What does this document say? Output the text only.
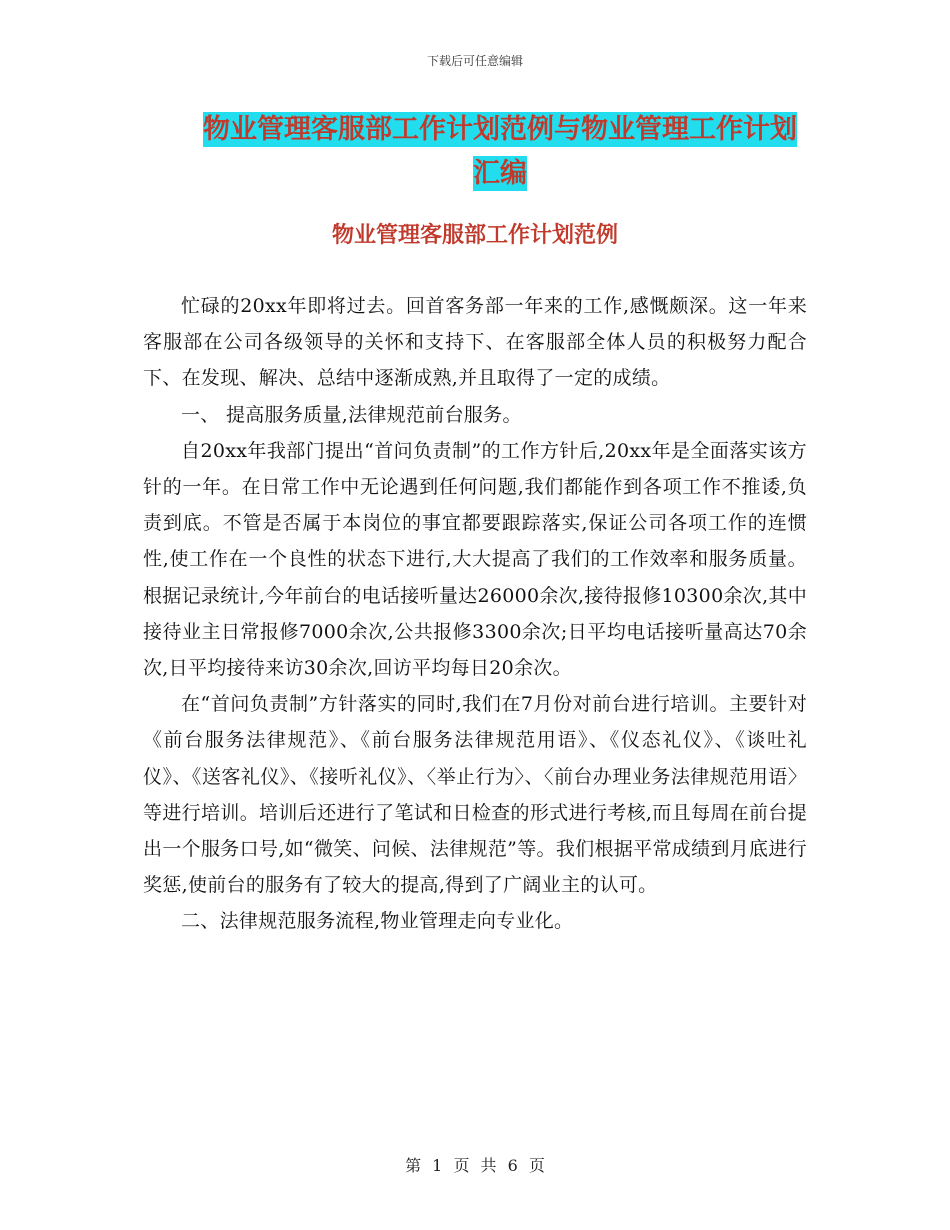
下载后可任意编辑
物业管理客服部工作计划范例与物业管理工作计划汇编
物业管理客服部工作计划范例

忙碌的20xx年即将过去。回首客务部一年来的工作,感慨颇深。这一年来客服部在公司各级领导的关怀和支持下、在客服部全体人员的积极努力配合下、在发现、解决、总结中逐渐成熟,并且取得了一定的成绩。

一、 提高服务质量,法律规范前台服务。

自20xx年我部门提出“首问负责制”的工作方针后,20xx年是全面落实该方针的一年。在日常工作中无论遇到任何问题,我们都能作到各项工作不推诿,负责到底。不管是否属于本岗位的事宜都要跟踪落实,保证公司各项工作的连惯性,使工作在一个良性的状态下进行,大大提高了我们的工作效率和服务质量。根据记录统计,今年前台的电话接听量达26000余次,接待报修10300余次,其中接待业主日常报修7000余次,公共报修3300余次;日平均电话接听量高达70余次,日平均接待来访30余次,回访平均每日20余次。

在“首问负责制”方针落实的同时,我们在7月份对前台进行培训。主要针对《前台服务法律规范》、《前台服务法律规范用语》、《仪态礼仪》、《谈吐礼仪》、《送客礼仪》、《接听礼仪》、〈举止行为〉、〈前台办理业务法律规范用语〉等进行培训。培训后还进行了笔试和日检查的形式进行考核,而且每周在前台提出一个服务口号,如“微笑、问候、法律规范”等。我们根据平常成绩到月底进行奖惩,使前台的服务有了较大的提高,得到了广阔业主的认可。

二、法律规范服务流程,物业管理走向专业化。

第 1 页 共 6 页
